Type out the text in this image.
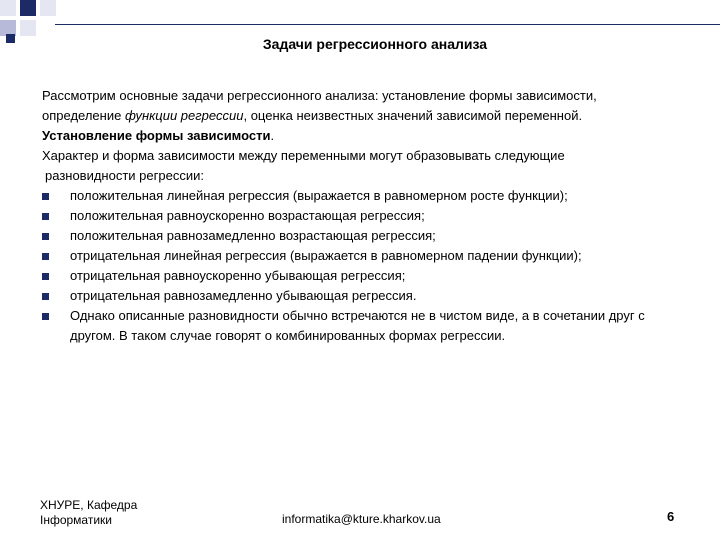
Задачи регрессионного анализа

Рассмотрим основные задачи регрессионного анализа: установление формы зависимости,

определение функции регрессии, оценка неизвестных значений зависимой переменной.

Установление формы зависимости.

Характер и форма зависимости между переменными могут образовывать следующие

разновидности регрессии:

положительная линейная регрессия (выражается в равномерном росте функции);
положительная равноускоренно возрастающая регрессия;
положительная равнозамедленно возрастающая регрессия;
отрицательная линейная регрессия (выражается в равномерном падении функции);
отрицательная равноускоренно убывающая регрессия;
отрицательная равнозамедленно убывающая регрессия.
Однако описанные разновидности обычно встречаются не в чистом виде, а в сочетании друг с другом. В таком случае говорят о комбинированных формах регрессии.
ХНУРЕ, Кафедра
Інформатики	informatika@kture.kharkov.ua	6
